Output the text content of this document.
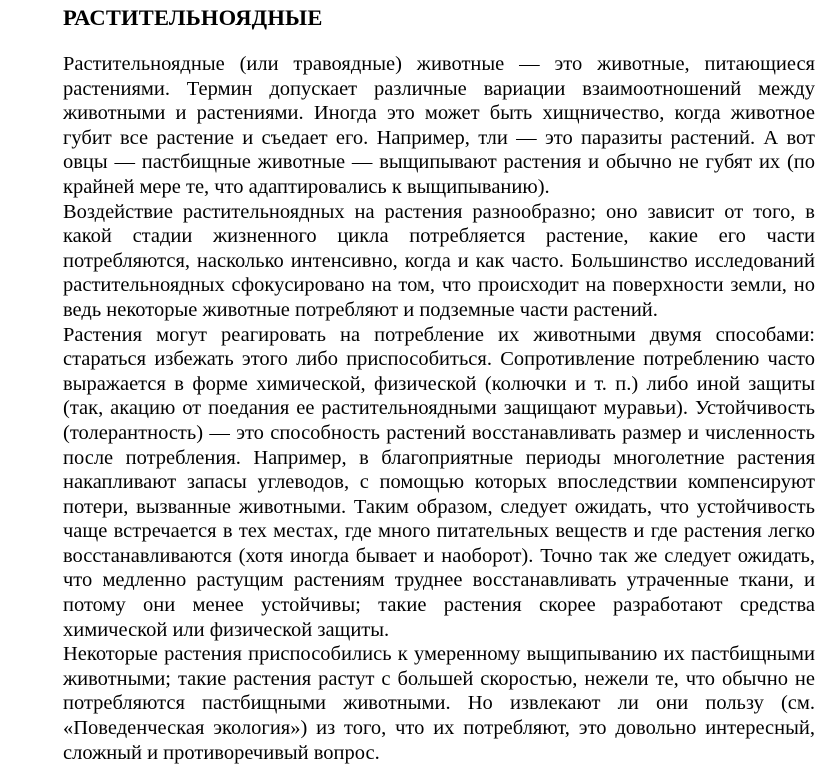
РАСТИТЕЛЬНОЯДНЫЕ

Растительноядные (или травоядные) животные — это животные, питающиеся растениями. Термин допускает различные вариации взаимоотношений между животными и растениями. Иногда это может быть хищничество, когда животное губит все растение и съедает его. Например, тли — это паразиты растений. А вот овцы — пастбищные животные — выщипывают растения и обычно не губят их (по крайней мере те, что адаптировались к выщипыванию).

Воздействие растительноядных на растения разнообразно; оно зависит от того, в какой стадии жизненного цикла потребляется растение, какие его части потребляются, насколько интенсивно, когда и как часто. Большинство исследований растительноядных сфокусировано на том, что происходит на поверхности земли, но ведь некоторые животные потребляют и подземные части растений.

Растения могут реагировать на потребление их животными двумя способами: стараться избежать этого либо приспособиться. Сопротивление потреблению часто выражается в форме химической, физической (колючки и т. п.) либо иной защиты (так, акацию от поедания ее растительноядными защищают муравьи). Устойчивость (толерантность) — это способность растений восстанавливать размер и численность после потребления. Например, в благоприятные периоды многолетние растения накапливают запасы углеводов, с помощью которых впоследствии компенсируют потери, вызванные животными. Таким образом, следует ожидать, что устойчивость чаще встречается в тех местах, где много питательных веществ и где растения легко восстанавливаются (хотя иногда бывает и наоборот). Точно так же следует ожидать, что медленно растущим растениям труднее восстанавливать утраченные ткани, и потому они менее устойчивы; такие растения скорее разработают средства химической или физической защиты.

Некоторые растения приспособились к умеренному выщипыванию их пастбищными животными; такие растения растут с большей скоростью, нежели те, что обычно не потребляются пастбищными животными. Но извлекают ли они пользу (см. «Поведенческая экология») из того, что их потребляют, это довольно интересный, сложный и противоречивый вопрос.
